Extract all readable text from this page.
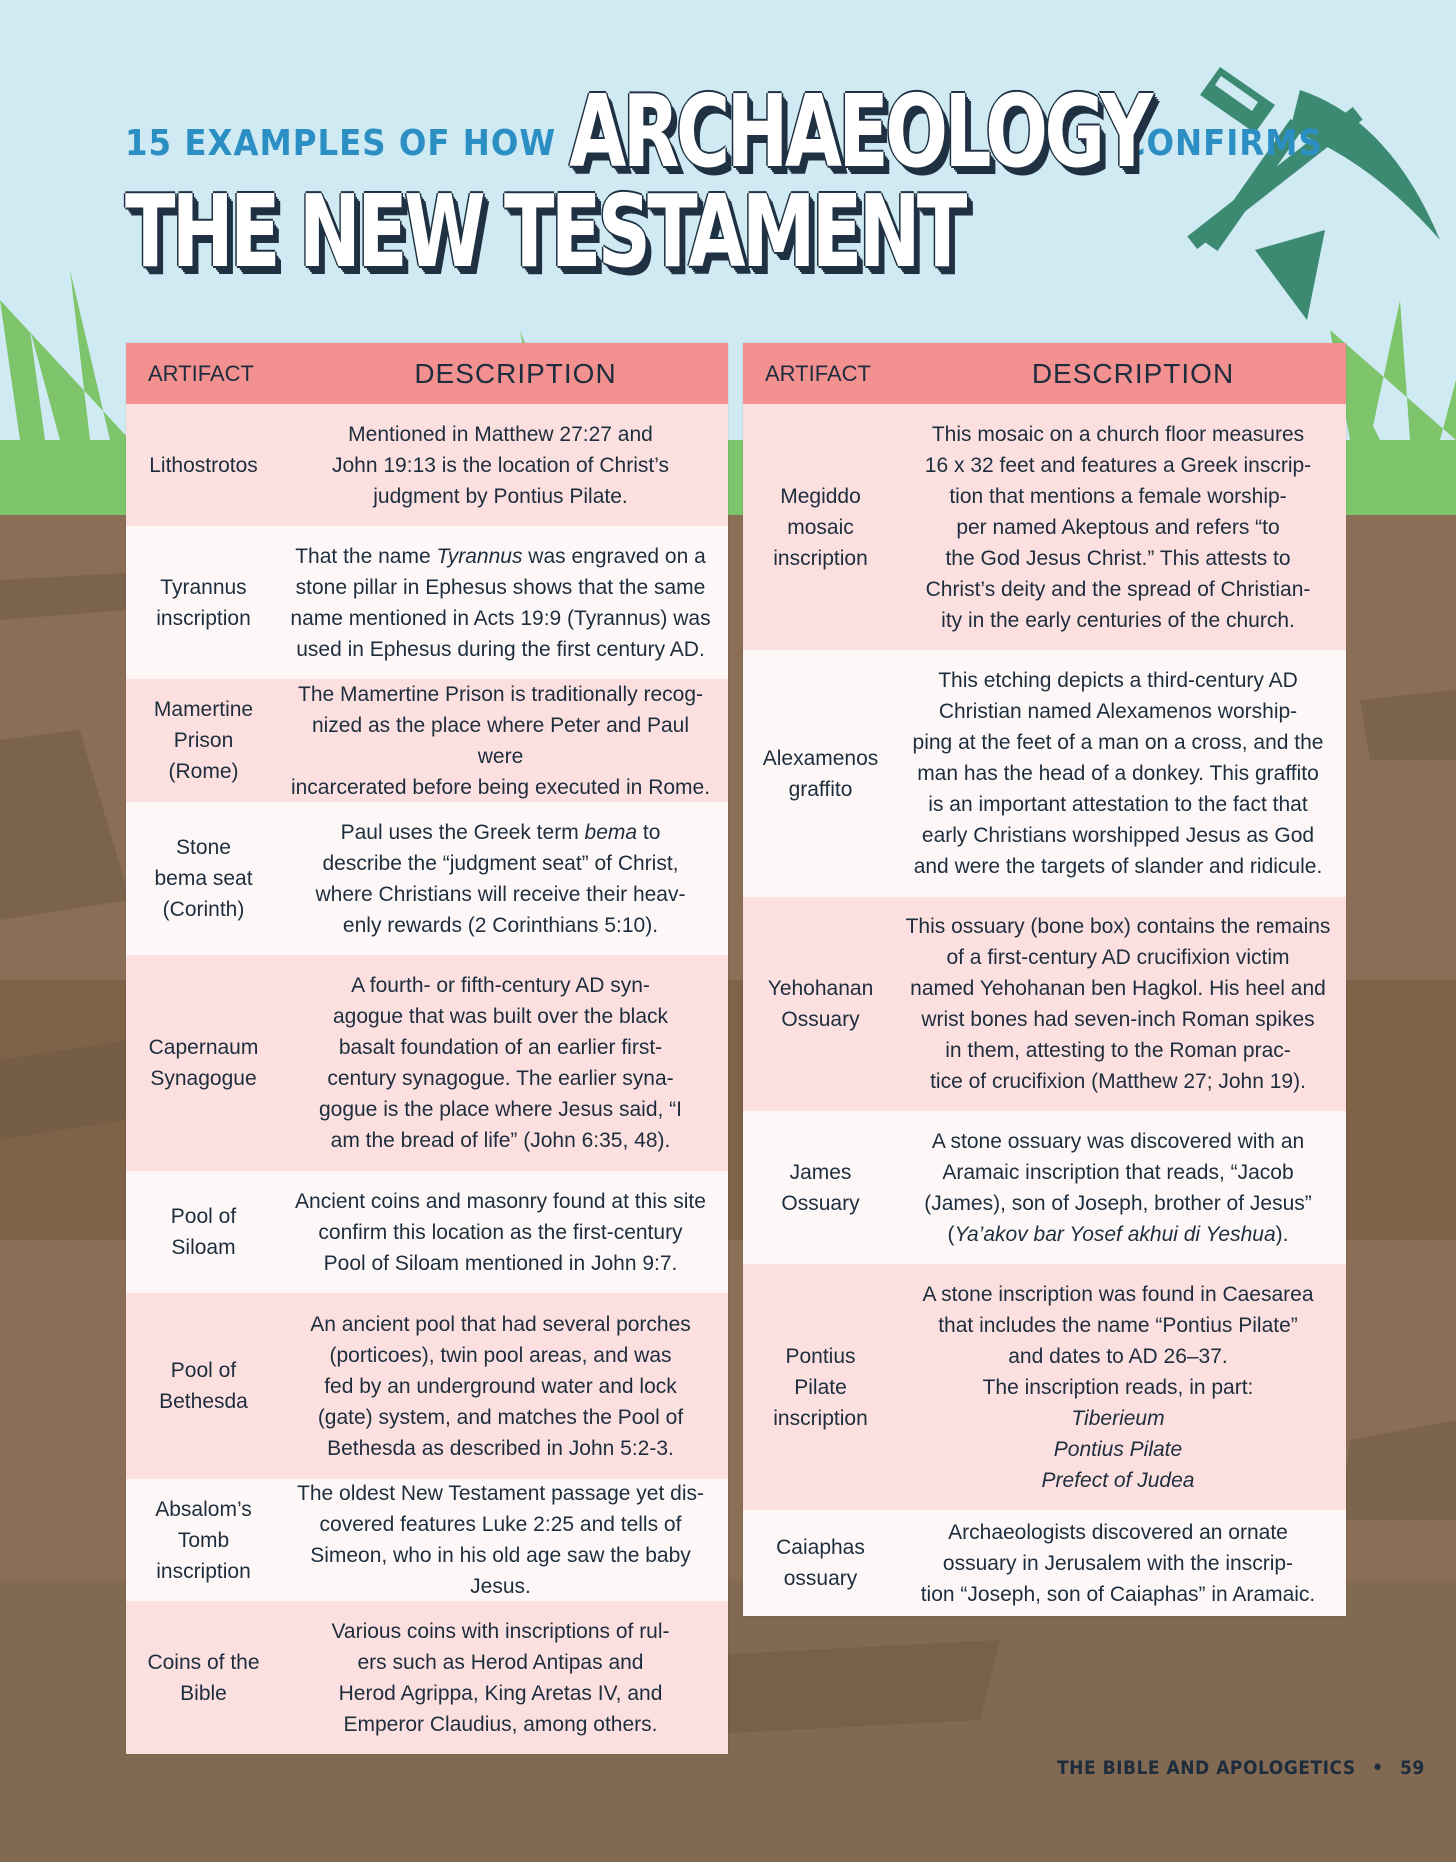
15 EXAMPLES OF HOW ARCHAEOLOGY CONFIRMS
THE NEW TESTAMENT
ARTIFACT	DESCRIPTION
Lithostrotos
Mentioned in Matthew 27:27 and
John 19:13 is the location of Christ’s
judgment by Pontius Pilate.
Tyrannus
inscription
That the name Tyrannus was engraved on a
stone pillar in Ephesus shows that the same
name mentioned in Acts 19:9 (Tyrannus) was
used in Ephesus during the first century AD.
Mamertine
Prison
(Rome)
The Mamertine Prison is traditionally recog-
nized as the place where Peter and Paul were
incarcerated before being executed in Rome.
Stone
bema seat
(Corinth)
Paul uses the Greek term bema to
describe the “judgment seat” of Christ,
where Christians will receive their heav-
enly rewards (2 Corinthians 5:10).
Capernaum
Synagogue
A fourth- or fifth-century AD syn-
agogue that was built over the black
basalt foundation of an earlier first-
century synagogue. The earlier syna-
gogue is the place where Jesus said, “I
am the bread of life” (John 6:35, 48).
Pool of
Siloam
Ancient coins and masonry found at this site
confirm this location as the first-century
Pool of Siloam mentioned in John 9:7.
Pool of
Bethesda
An ancient pool that had several porches
(porticoes), twin pool areas, and was
fed by an underground water and lock
(gate) system, and matches the Pool of
Bethesda as described in John 5:2-3.
Absalom’s
Tomb
inscription
The oldest New Testament passage yet dis-
covered features Luke 2:25 and tells of
Simeon, who in his old age saw the baby Jesus.
Coins of the
Bible
Various coins with inscriptions of rul-
ers such as Herod Antipas and
Herod Agrippa, King Aretas IV, and
Emperor Claudius, among others.
ARTIFACT	DESCRIPTION
Megiddo
mosaic
inscription
This mosaic on a church floor measures
16 x 32 feet and features a Greek inscrip-
tion that mentions a female worship-
per named Akeptous and refers “to
the God Jesus Christ.” This attests to
Christ’s deity and the spread of Christian-
ity in the early centuries of the church.
Alexamenos
graffito
This etching depicts a third-century AD
Christian named Alexamenos worship-
ping at the feet of a man on a cross, and the
man has the head of a donkey. This graffito
is an important attestation to the fact that
early Christians worshipped Jesus as God
and were the targets of slander and ridicule.
Yehohanan
Ossuary
This ossuary (bone box) contains the remains
of a first-century AD crucifixion victim
named Yehohanan ben Hagkol. His heel and
wrist bones had seven-inch Roman spikes
in them, attesting to the Roman prac-
tice of crucifixion (Matthew 27; John 19).
James
Ossuary
A stone ossuary was discovered with an
Aramaic inscription that reads, “Jacob
(James), son of Joseph, brother of Jesus”
(Ya’akov bar Yosef akhui di Yeshua).
Pontius
Pilate
inscription
A stone inscription was found in Caesarea
that includes the name “Pontius Pilate”
and dates to AD 26–37.
The inscription reads, in part:
Tiberieum
Pontius Pilate
Prefect of Judea
Caiaphas
ossuary
Archaeologists discovered an ornate
ossuary in Jerusalem with the inscrip-
tion “Joseph, son of Caiaphas” in Aramaic.
THE BIBLE AND APOLOGETICS • 59
